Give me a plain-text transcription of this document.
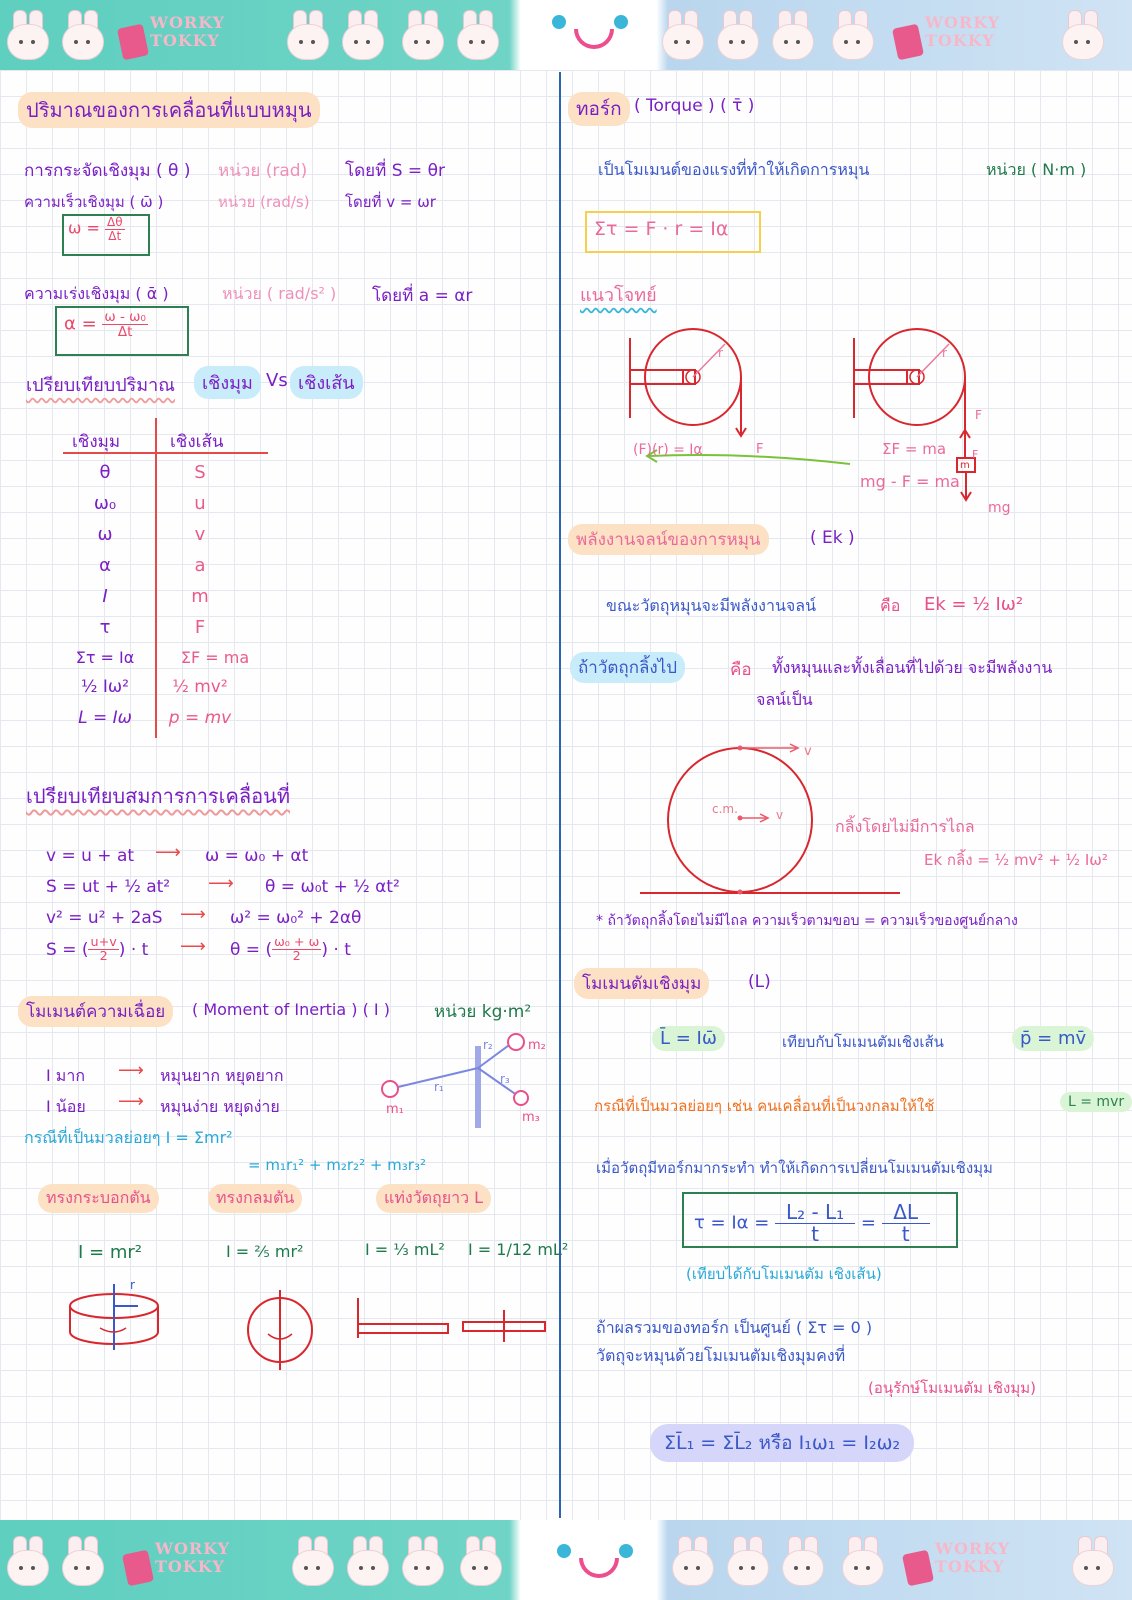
WORKY
TOKKY
WORKY
TOKKY
ปริมาณของการเคลื่อนที่แบบหมุน
การกระจัดเชิงมุม ( θ ) หน่วย (rad) โดยที่ S = θr
ความเร็วเชิงมุม ( ω̄ )	หน่วย (rad/s) โดยที่ v = ωr
$\omega = \frac{\Delta\theta}{\Delta t}$
ความเร่งเชิงมุม ( ᾱ )	หน่วย ( rad/s² ) โดยที่ a = αr
$\alpha = \frac{\text{ω - ω₀}}{\Delta t}$
เปรียบเทียบปริมาณ	เชิงมุม Vs เชิงเส้น
เชิงมุม	เชิงเส้น
θ	S
ω₀	u
ω	v
α	a
I	m
τ	F
Στ = Iα	ΣF = ma
½ Iω²	½ mv²
L = Iω	p = mv
เปรียบเทียบสมการการเคลื่อนที่
v = u + at ⟶ ω = ω₀ + αt
S = ut + ½ at² ⟶ θ = ω₀t + ½ αt²
v² = u² + 2aS ⟶ ω² = ω₀² + 2αθ
S = ( $\frac{u+v}{2}$ ) · t ⟶ θ = ( $\frac{\text{ω₀ + ω}}{2}$ ) · t
โมเมนต์ความเฉื่อย	( Moment of Inertia ) ( I )	หน่วย kg·m²
I มาก ⟶ หมุนยาก หยุดยาก
I น้อย ⟶ หมุนง่าย หยุดง่าย
กรณีที่เป็นมวลย่อยๆ I = Σmr²
= m₁r₁² + m₂r₂² + m₃r₃²
m₁
m₂
m₃
r₁
r₂
r₃
ทรงกระบอกตัน	ทรงกลมตัน	แท่งวัตถุยาว L
I = mr²	I = ⅖ mr²	I = ⅓ mL² I = 1/12 mL²
r
ทอร์ก ( Torque ) ( τ̄ )
เป็นโมเมนต์ของแรงที่ทำให้เกิดการหมุน	หน่วย ( N·m )
Στ = F · r = Iα
แนวโจทย์
r	r
F
F
F
(F)(r) = Iα	ΣF = ma
mg - F = ma
m
mg
พลังงานจลน์ของการหมุน	( Ek )
ขณะวัตถุหมุนจะมีพลังงานจลน์	คือ Ek = ½ Iω²
ถ้าวัตถุกลิ้งไป	คือ ทั้งหมุนและทั้งเลื่อนที่ไปด้วย จะมีพลังงาน
จลน์เป็น
v
c.m.	v
กลิ้งโดยไม่มีการไถล
Ek กลิ้ง = ½ mv² + ½ Iω²
* ถ้าวัตถุกลิ้งโดยไม่มีไถล ความเร็วตามขอบ = ความเร็วของศูนย์กลาง
โมเมนตัมเชิงมุม	(L)
L̄ = Iω̄	เทียบกับโมเมนตัมเชิงเส้น	p̄ = mv̄
กรณีที่เป็นมวลย่อยๆ เช่น คนเคลื่อนที่เป็นวงกลมให้ใช้	L = mvr
เมื่อวัตถุมีทอร์กมากระทำ ทำให้เกิดการเปลี่ยนโมเมนตัมเชิงมุม
$\tau = I\alpha = \frac{\text{L₂ - L₁}}{t} = \frac{\Delta L}{t}$
(เทียบได้กับโมเมนตัม เชิงเส้น)
ถ้าผลรวมของทอร์ก เป็นศูนย์ ( Στ = 0 )
วัตถุจะหมุนด้วยโมเมนตัมเชิงมุมคงที่
(อนุรักษ์โมเมนตัม เชิงมุม)
ΣL̄₁ = ΣL̄₂ หรือ I₁ω₁ = I₂ω₂
WORKY
TOKKY
WORKY
TOKKY
